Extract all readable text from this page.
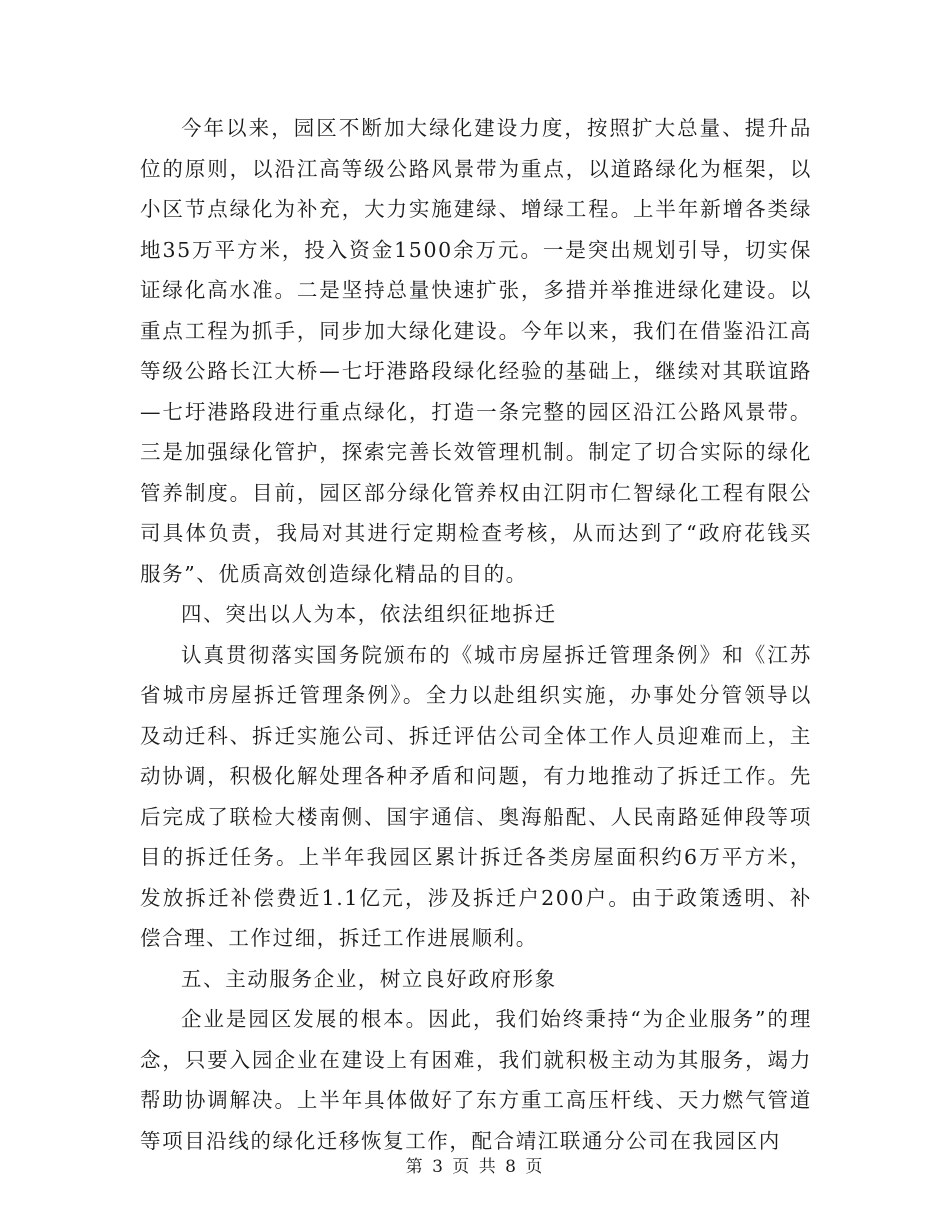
今年以来，园区不断加大绿化建设力度，按照扩大总量、提升品位的原则，以沿江高等级公路风景带为重点，以道路绿化为框架，以小区节点绿化为补充，大力实施建绿、增绿工程。上半年新增各类绿地35万平方米，投入资金1500余万元。一是突出规划引导，切实保证绿化高水准。二是坚持总量快速扩张，多措并举推进绿化建设。以重点工程为抓手，同步加大绿化建设。今年以来，我们在借鉴沿江高等级公路长江大桥—七圩港路段绿化经验的基础上，继续对其联谊路—七圩港路段进行重点绿化，打造一条完整的园区沿江公路风景带。三是加强绿化管护，探索完善长效管理机制。制定了切合实际的绿化管养制度。目前，园区部分绿化管养权由江阴市仁智绿化工程有限公司具体负责，我局对其进行定期检查考核，从而达到了“政府花钱买服务”、优质高效创造绿化精品的目的。

四、突出以人为本，依法组织征地拆迁

认真贯彻落实国务院颁布的《城市房屋拆迁管理条例》和《江苏省城市房屋拆迁管理条例》。全力以赴组织实施，办事处分管领导以及动迁科、拆迁实施公司、拆迁评估公司全体工作人员迎难而上，主动协调，积极化解处理各种矛盾和问题，有力地推动了拆迁工作。先后完成了联检大楼南侧、国宇通信、奥海船配、人民南路延伸段等项目的拆迁任务。上半年我园区累计拆迁各类房屋面积约6万平方米，发放拆迁补偿费近1.1亿元，涉及拆迁户200户。由于政策透明、补偿合理、工作过细，拆迁工作进展顺利。

五、主动服务企业，树立良好政府形象

企业是园区发展的根本。因此，我们始终秉持“为企业服务”的理念，只要入园企业在建设上有困难，我们就积极主动为其服务，竭力帮助协调解决。上半年具体做好了东方重工高压杆线、天力燃气管道等项目沿线的绿化迁移恢复工作，配合靖江联通分公司在我园区内

第 3 页 共 8 页
